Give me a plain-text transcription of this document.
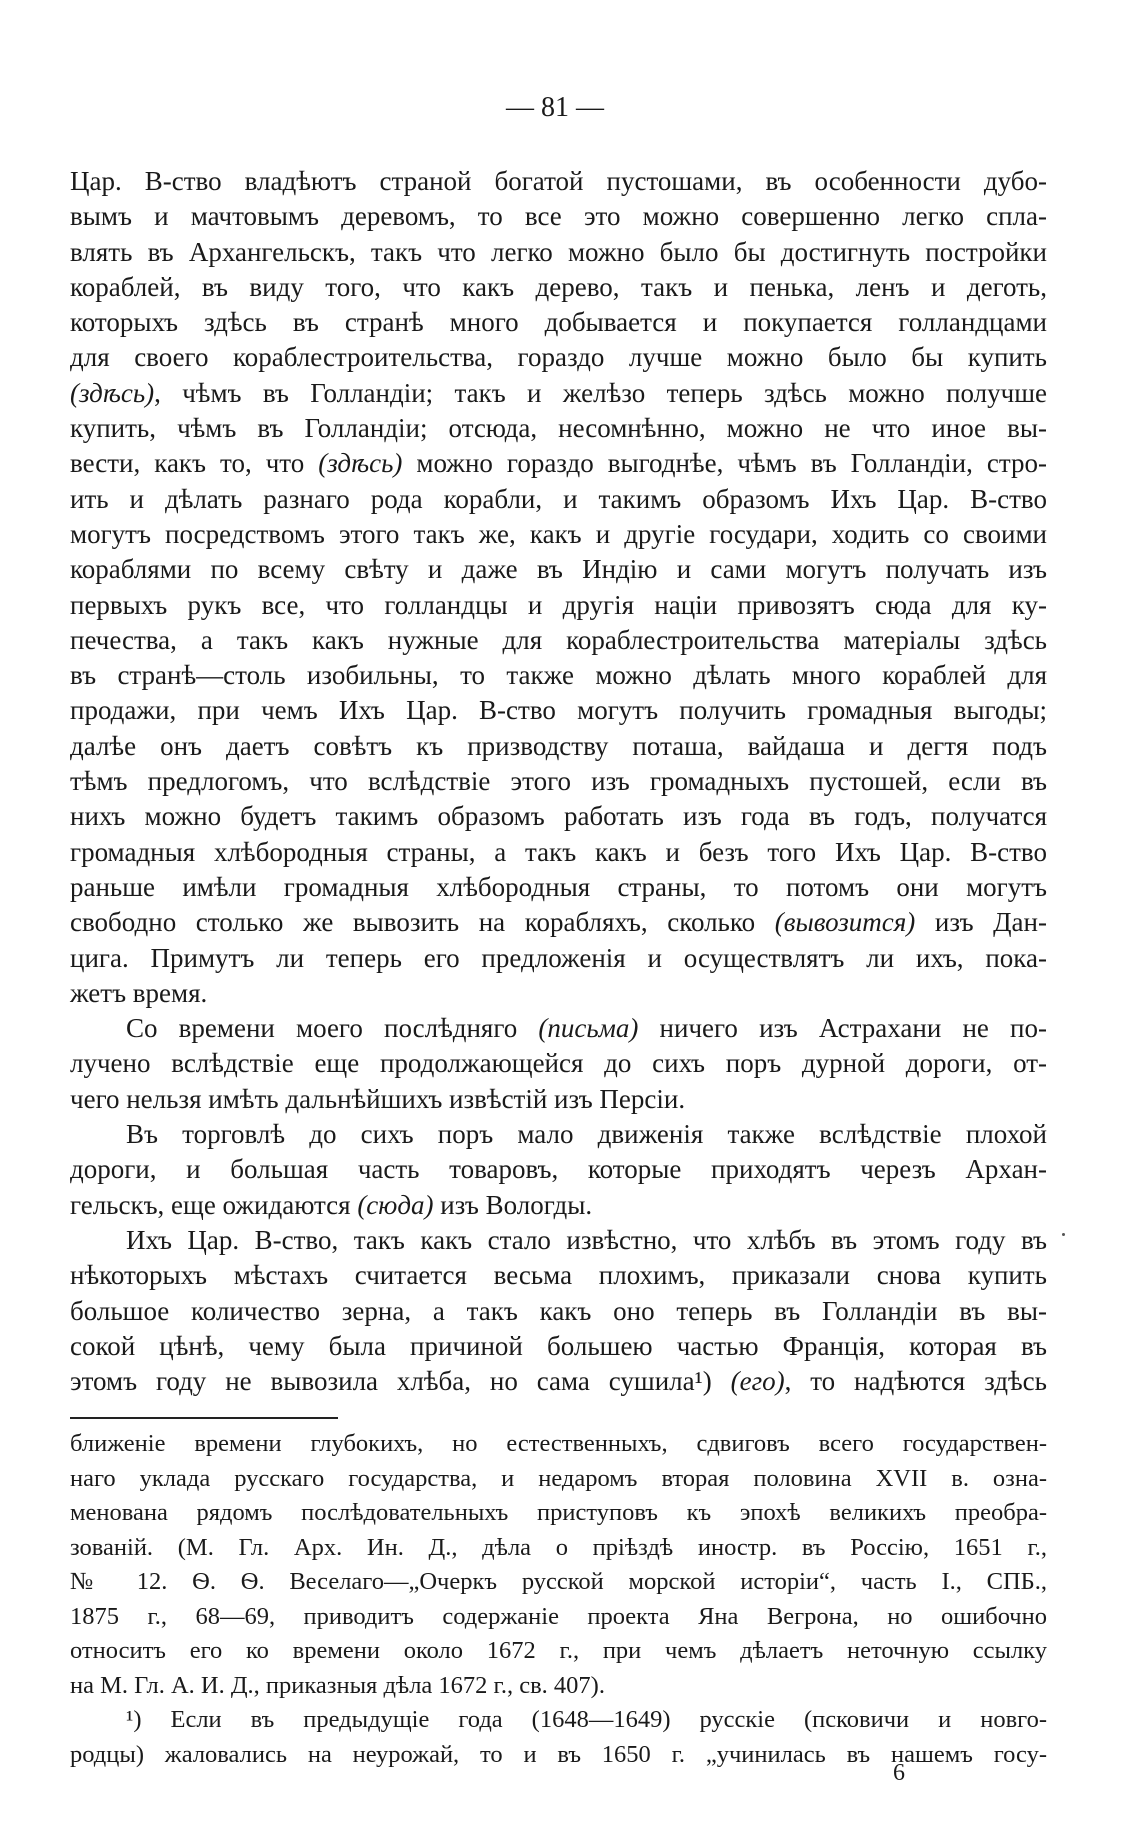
— 81 —
Цар. В-ство владѣютъ страной богатой пустошами, въ особенности дубо-
вымъ и мачтовымъ деревомъ, то все это можно совершенно легко спла-
влять въ Архангельскъ, такъ что легко можно было бы достигнуть постройки
кораблей, въ виду того, что какъ дерево, такъ и пенька, ленъ и деготь,
которыхъ здѣсь въ странѣ много добывается и покупается голландцами
для своего кораблестроительства, гораздо лучше можно было бы купить
(здѣсь), чѣмъ въ Голландіи; такъ и желѣзо теперь здѣсь можно получше
купить, чѣмъ въ Голландіи; отсюда, несомнѣнно, можно не что иное вы-
вести, какъ то, что (здѣсь) можно гораздо выгоднѣе, чѣмъ въ Голландіи, стро-
ить и дѣлать разнаго рода корабли, и такимъ образомъ Ихъ Цар. В-ство
могутъ посредствомъ этого такъ же, какъ и другіе государи, ходить со своими
кораблями по всему свѣту и даже въ Индію и сами могутъ получать изъ
первыхъ рукъ все, что голландцы и другія націи привозятъ сюда для ку-
печества, а такъ какъ нужные для кораблестроительства матеріалы здѣсь
въ странѣ—столь изобильны, то также можно дѣлать много кораблей для
продажи, при чемъ Ихъ Цар. В-ство могутъ получить громадныя выгоды;
далѣе онъ даетъ совѣтъ къ призводству поташа, вайдаша и дегтя подъ
тѣмъ предлогомъ, что вслѣдствіе этого изъ громадныхъ пустошей, если въ
нихъ можно будетъ такимъ образомъ работать изъ года въ годъ, получатся
громадныя хлѣбородныя страны, а такъ какъ и безъ того Ихъ Цар. В-ство
раньше имѣли громадныя хлѣбородныя страны, то потомъ они могутъ
свободно столько же вывозить на корабляхъ, сколько (вывозится) изъ Дан-
цига. Примутъ ли теперь его предложенія и осуществлятъ ли ихъ, пока-
жетъ время.
Со времени моего послѣдняго (письма) ничего изъ Астрахани не по-
лучено вслѣдствіе еще продолжающейся до сихъ поръ дурной дороги, от-
чего нельзя имѣть дальнѣйшихъ извѣстій изъ Персіи.
Въ торговлѣ до сихъ поръ мало движенія также вслѣдствіе плохой
дороги, и большая часть товаровъ, которые приходятъ черезъ Архан-
гельскъ, еще ожидаются (сюда) изъ Вологды.
Ихъ Цар. В-ство, такъ какъ стало извѣстно, что хлѣбъ въ этомъ году въ
нѣкоторыхъ мѣстахъ считается весьма плохимъ, приказали снова купить
большое количество зерна, а такъ какъ оно теперь въ Голландіи въ вы-
сокой цѣнѣ, чему была причиной большею частью Франція, которая въ
этомъ году не вывозила хлѣба, но сама сушила¹) (его), то надѣются здѣсь
ближеніе времени глубокихъ, но естественныхъ, сдвиговъ всего государствен-
наго уклада русскаго государства, и недаромъ вторая половина XVII в. озна-
менована рядомъ послѣдовательныхъ приступовъ къ эпохѣ великихъ преобра-
зованій. (М. Гл. Арх. Ин. Д., дѣла о пріѣздѣ иностр. въ Россію, 1651 г.,
№ 12. Ѳ. Ѳ. Веселаго—„Очеркъ русской морской исторіи“, часть I., СПБ.,
1875 г., 68—69, приводитъ содержаніе проекта Яна Вегрона, но ошибочно
относитъ его ко времени около 1672 г., при чемъ дѣлаетъ неточную ссылку
на М. Гл. А. И. Д., приказныя дѣла 1672 г., св. 407).
¹) Если въ предыдущіе года (1648—1649) русскіе (псковичи и новго-
родцы) жаловались на неурожай, то и въ 1650 г. „учинилась въ нашемъ госу-
6
